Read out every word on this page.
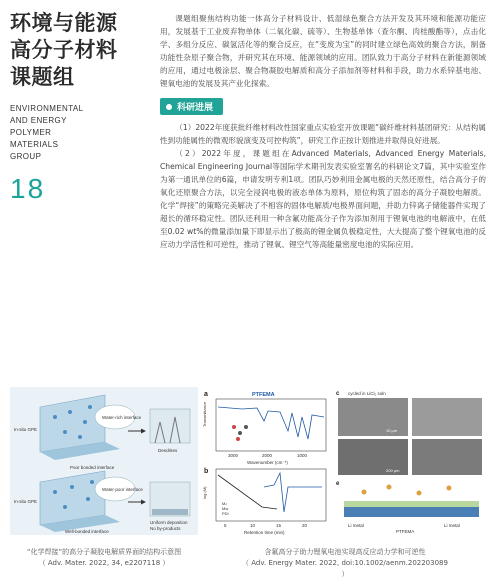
环境与能源
高分子材料
课题组
ENVIRONMENTAL
AND ENERGY
POLYMER
MATERIALS
GROUP
18

课题组聚焦结构功能一体高分子材料设计、低湿绿色聚合方法开发及其环境和能源功能应用，发展基于工业废弃物单体（二氧化碳、硫等）、生物基单体（查尔酮、肉桂酸酯等），点击化学、多组分反应、碳氢活化等的聚合反应，在“变废为宝”的同时建立绿色高效的聚合方法，制备功能性杂原子聚合物，并研究其在环境、能源领域的应用。团队致力于高分子材料在新能源领域的应用，通过电极涂层、聚合物凝胶电解质和高分子添加剂等材料和手段，助力水系锌基电池、锂氧电池的发展及其产业化探索。

科研进展

（1）2022年度获批纤维材料改性国家重点实验室开放课题“碳纤维材料基团研究：从结构属性到功能属性的微观形貌演变及可控构筑”，研究工作正按计划推进并取得良好进展。

（2）2022年度，课题组在Advanced Materials, Advanced Energy Materials, Chemical Engineering Journal等国际学术期刊发表实验室署名的科研论文7篇，其中实验室作为第一通讯单位的6篇，申请发明专利1项。团队巧妙利用金属电极的天然还原性，结合高分子的氧化还原聚合方法，以完全浸润电极的液态单体为原料，原位构筑了固态的高分子凝胶电解质。化学“焊接”的策略完美解决了不相容的固体电解质/电极界面问题，并助力锌离子储能器件实现了超长的循环稳定性。团队还利用一种含氟功能高分子作为添加剂用于锂氧电池的电解液中，在低至0.02 wt%的微量添加量下即显示出了极高的锂金属负极稳定性，大大提高了整个锂氧电池的反应动力学活性和可逆性，推动了锂氧、锂空气等高能量密度电池的实际应用。

Water-rich interface
Dendrites
In-situ GPE
Poor bonded interface
Water-poor interface
Uniform deposition
No by-products
In-situ GPE
Well-bonded interface
a	PTFEMA
Transmittance
3000	2000	1000
Wavenumber (cm⁻¹)
b
Mₙ
Mw
PDI
log (M)
5	10	15	20
Retention time (min)
c cycled in LiCl₂ soln
10 μm
200 μm
e
Li metal	Li metal
PTFEMA
“化学焊接”的高分子凝胶电解质界面的结构示意图
（ Adv. Mater. 2022, 34, e2207118 ）
含氟高分子助力锂氧电池实现高反应动力学和可逆性
（ Adv. Energy Mater. 2022, doi:10.1002/aenm.202203089 ）
